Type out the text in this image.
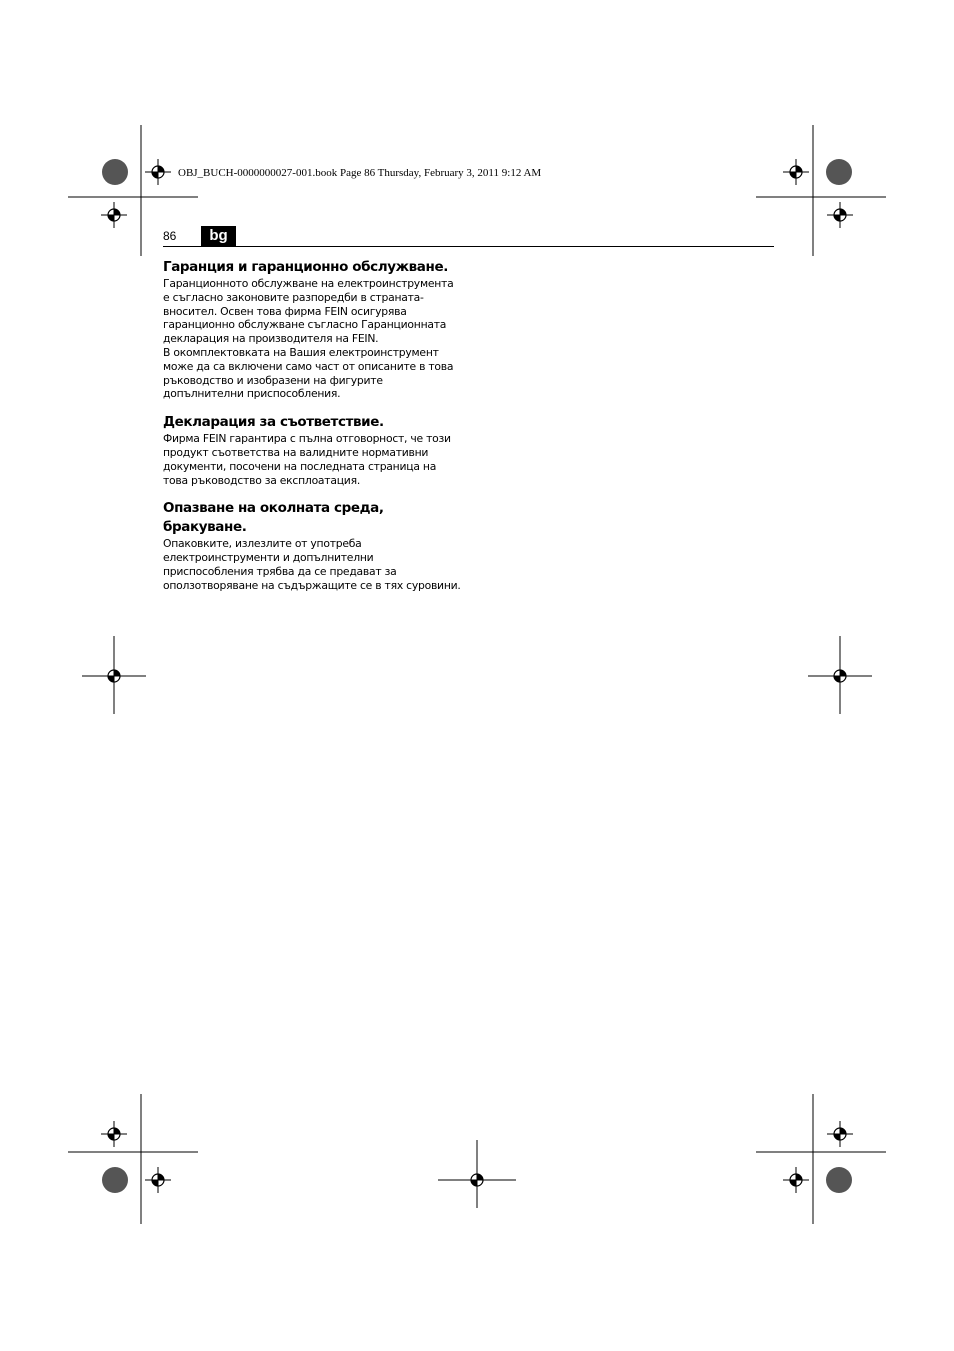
OBJ_BUCH-0000000027-001.book Page 86 Thursday, February 3, 2011 9:12 AM
86	bg
Гаранция и гаранционно обслужване.

Гаранционното обслужване на електроинструмента

е съгласно законовите разпоредби в страната-

вносител. Освен това фирма FEIN осигурява

гаранционно обслужване съгласно Гаранционната

декларация на производителя на FEIN.

В окомплектовката на Вашия електроинструмент

може да са включени само част от описаните в това

ръководство и изобразени на фигурите

допълнителни приспособления.

Декларация за съответствие.

Фирма FEIN гарантира с пълна отговорност, че този

продукт съответства на валидните нормативни

документи, посочени на последната страница на

това ръководство за експлоатация.

Опазване на околната среда,
бракуване.

Опаковките, излезлите от употреба

електроинструменти и допълнителни

приспособления трябва да се предават за

оползотворяване на съдържащите се в тях суровини.
